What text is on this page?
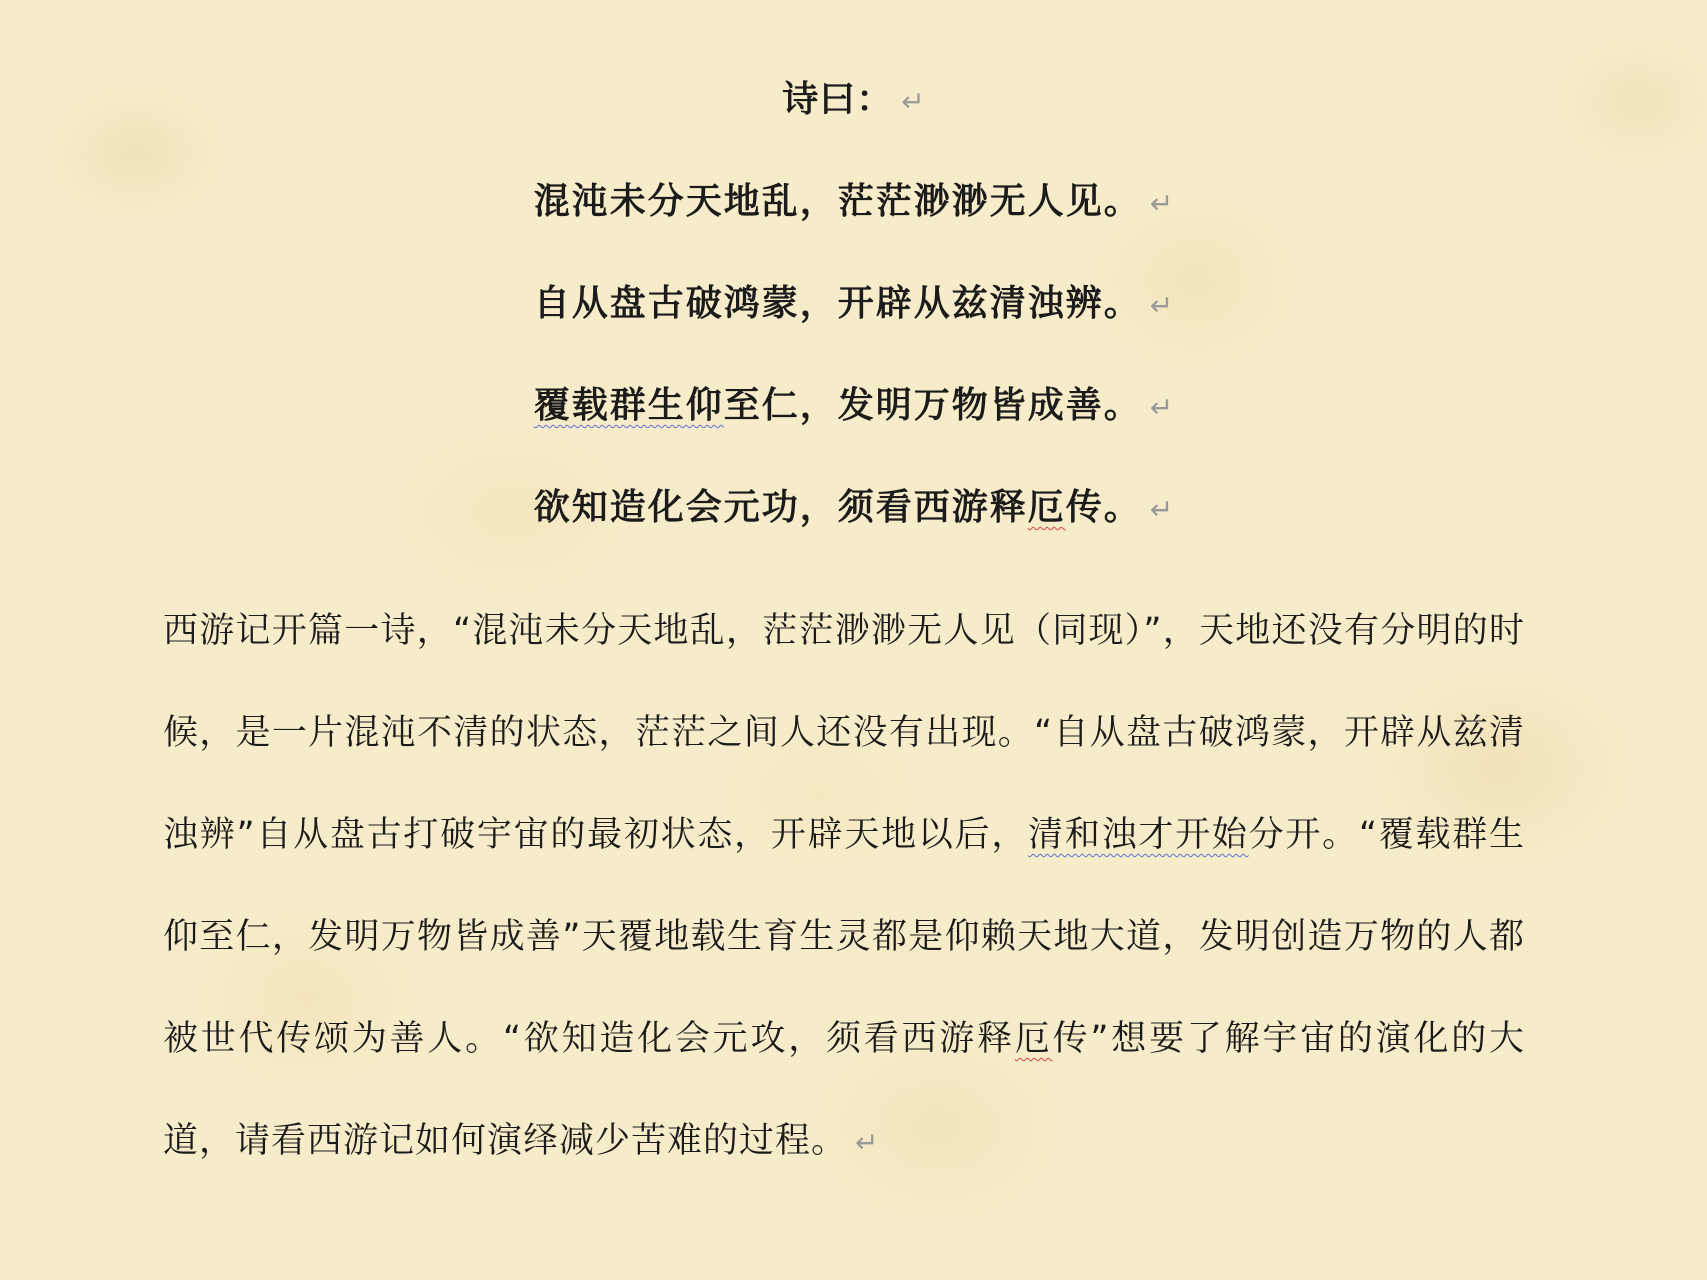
诗曰： ↵
混沌未分天地乱，茫茫渺渺无人见。 ↵
自从盘古破鸿蒙，开辟从兹清浊辨。 ↵
覆载群生仰至仁，发明万物皆成善。 ↵
欲知造化会元功，须看西游释厄传。 ↵

西游记开篇一诗，“混沌未分天地乱，茫茫渺渺无人见（同现）”，天地还没有分明的时候，是一片混沌不清的状态，茫茫之间人还没有出现。“自从盘古破鸿蒙，开辟从兹清浊辨”自从盘古打破宇宙的最初状态，开辟天地以后，清和浊才开始分开。“覆载群生仰至仁，发明万物皆成善”天覆地载生育生灵都是仰赖天地大道，发明创造万物的人都被世代传颂为善人。“欲知造化会元攻，须看西游释厄传”想要了解宇宙的演化的大道，请看西游记如何演绎减少苦难的过程。 ↵
